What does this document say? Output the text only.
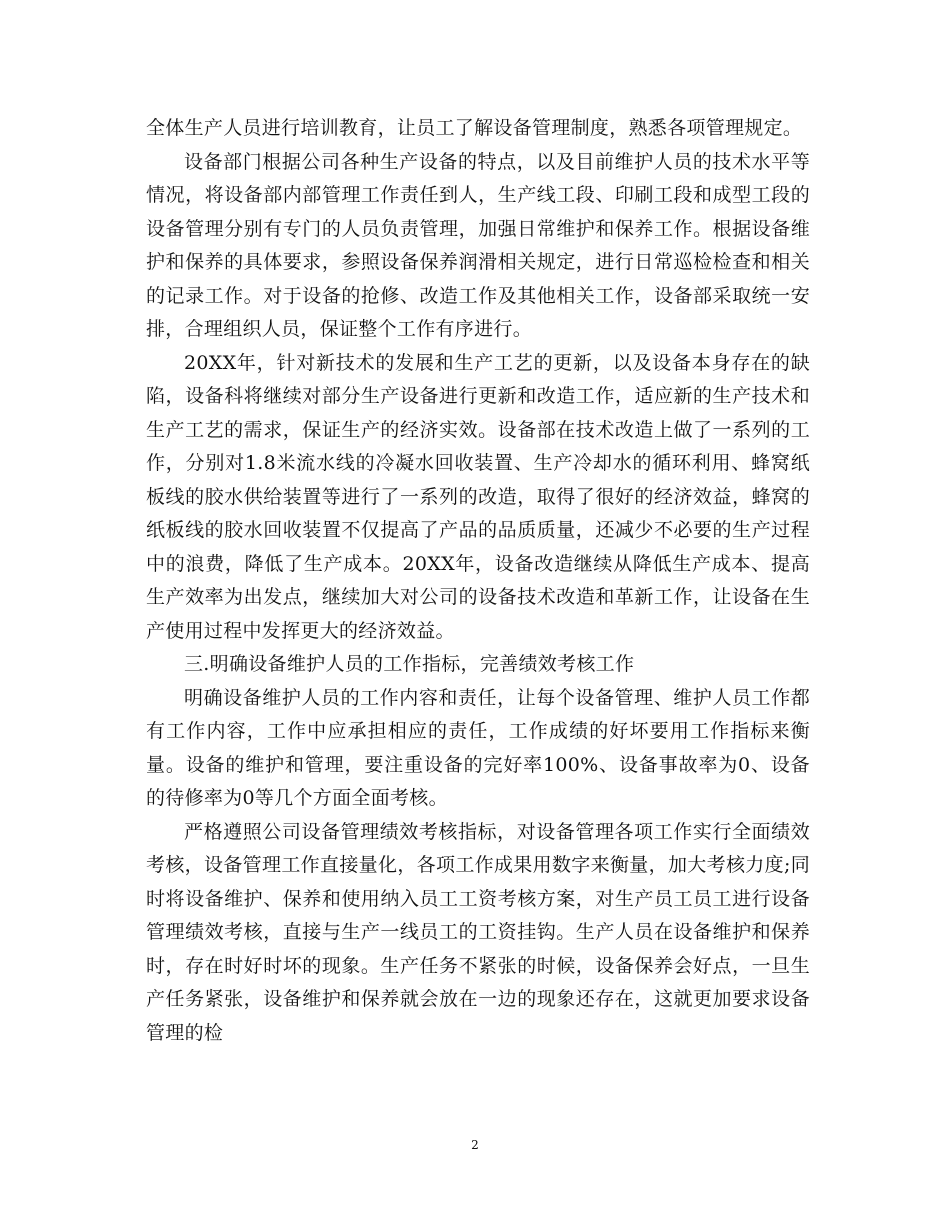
全体生产人员进行培训教育，让员工了解设备管理制度，熟悉各项管理规定。

设备部门根据公司各种生产设备的特点，以及目前维护人员的技术水平等情况，将设备部内部管理工作责任到人，生产线工段、印刷工段和成型工段的设备管理分别有专门的人员负责管理，加强日常维护和保养工作。根据设备维护和保养的具体要求，参照设备保养润滑相关规定，进行日常巡检检查和相关的记录工作。对于设备的抢修、改造工作及其他相关工作，设备部采取统一安排，合理组织人员，保证整个工作有序进行。

20XX年，针对新技术的发展和生产工艺的更新，以及设备本身存在的缺陷，设备科将继续对部分生产设备进行更新和改造工作，适应新的生产技术和生产工艺的需求，保证生产的经济实效。设备部在技术改造上做了一系列的工作，分别对1.8米流水线的冷凝水回收装置、生产冷却水的循环利用、蜂窝纸板线的胶水供给装置等进行了一系列的改造，取得了很好的经济效益，蜂窝的纸板线的胶水回收装置不仅提高了产品的品质质量，还减少不必要的生产过程中的浪费，降低了生产成本。20XX年，设备改造继续从降低生产成本、提高生产效率为出发点，继续加大对公司的设备技术改造和革新工作，让设备在生产使用过程中发挥更大的经济效益。

三.明确设备维护人员的工作指标，完善绩效考核工作

明确设备维护人员的工作内容和责任，让每个设备管理、维护人员工作都有工作内容，工作中应承担相应的责任，工作成绩的好坏要用工作指标来衡量。设备的维护和管理，要注重设备的完好率100%、设备事故率为0、设备的待修率为0等几个方面全面考核。

严格遵照公司设备管理绩效考核指标，对设备管理各项工作实行全面绩效考核，设备管理工作直接量化，各项工作成果用数字来衡量，加大考核力度;同时将设备维护、保养和使用纳入员工工资考核方案，对生产员工员工进行设备管理绩效考核，直接与生产一线员工的工资挂钩。生产人员在设备维护和保养时，存在时好时坏的现象。生产任务不紧张的时候，设备保养会好点，一旦生产任务紧张，设备维护和保养就会放在一边的现象还存在，这就更加要求设备管理的检

2
